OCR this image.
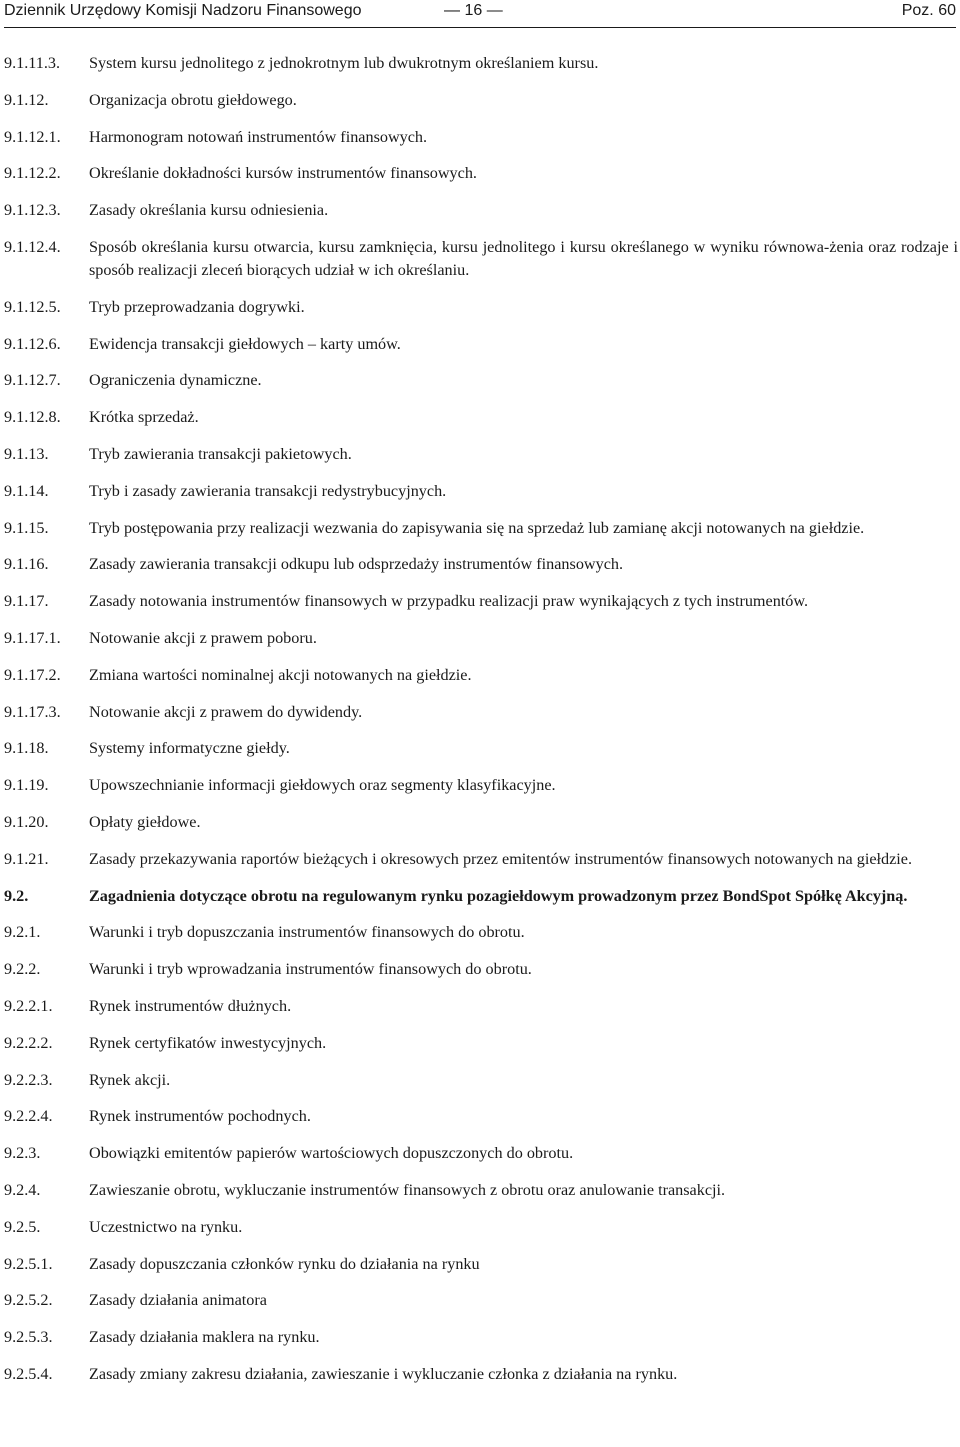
Dziennik Urzędowy Komisji Nadzoru Finansowego	— 16 —	Poz. 60
9.1.11.3.	System kursu jednolitego z jednokrotnym lub dwukrotnym określaniem kursu.
9.1.12.	Organizacja obrotu giełdowego.
9.1.12.1.	Harmonogram notowań instrumentów finansowych.
9.1.12.2.	Określanie dokładności kursów instrumentów finansowych.
9.1.12.3.	Zasady określania kursu odniesienia.
9.1.12.4.	Sposób określania kursu otwarcia, kursu zamknięcia, kursu jednolitego i kursu określanego w wyniku równowa-żenia oraz rodzaje i sposób realizacji zleceń biorących udział w ich określaniu.
9.1.12.5.	Tryb przeprowadzania dogrywki.
9.1.12.6.	Ewidencja transakcji giełdowych – karty umów.
9.1.12.7.	Ograniczenia dynamiczne.
9.1.12.8.	Krótka sprzedaż.
9.1.13.	Tryb zawierania transakcji pakietowych.
9.1.14.	Tryb i zasady zawierania transakcji redystrybucyjnych.
9.1.15.	Tryb postępowania przy realizacji wezwania do zapisywania się na sprzedaż lub zamianę akcji notowanych na giełdzie.
9.1.16.	Zasady zawierania transakcji odkupu lub odsprzedaży instrumentów finansowych.
9.1.17.	Zasady notowania instrumentów finansowych w przypadku realizacji praw wynikających z tych instrumentów.
9.1.17.1.	Notowanie akcji z prawem poboru.
9.1.17.2.	Zmiana wartości nominalnej akcji notowanych na giełdzie.
9.1.17.3.	Notowanie akcji z prawem do dywidendy.
9.1.18.	Systemy informatyczne giełdy.
9.1.19.	Upowszechnianie informacji giełdowych oraz segmenty klasyfikacyjne.
9.1.20.	Opłaty giełdowe.
9.1.21.	Zasady przekazywania raportów bieżących i okresowych przez emitentów instrumentów finansowych notowanych na giełdzie.
9.2.	Zagadnienia dotyczące obrotu na regulowanym rynku pozagiełdowym prowadzonym przez BondSpot Spółkę Akcyjną.
9.2.1.	Warunki i tryb dopuszczania instrumentów finansowych do obrotu.
9.2.2.	Warunki i tryb wprowadzania instrumentów finansowych do obrotu.
9.2.2.1.	Rynek instrumentów dłużnych.
9.2.2.2.	Rynek certyfikatów inwestycyjnych.
9.2.2.3.	Rynek akcji.
9.2.2.4.	Rynek instrumentów pochodnych.
9.2.3.	Obowiązki emitentów papierów wartościowych dopuszczonych do obrotu.
9.2.4.	Zawieszanie obrotu, wykluczanie instrumentów finansowych z obrotu oraz anulowanie transakcji.
9.2.5.	Uczestnictwo na rynku.
9.2.5.1.	Zasady dopuszczania członków rynku do działania na rynku
9.2.5.2.	Zasady działania animatora
9.2.5.3.	Zasady działania maklera na rynku.
9.2.5.4.	Zasady zmiany zakresu działania, zawieszanie i wykluczanie członka z działania na rynku.
